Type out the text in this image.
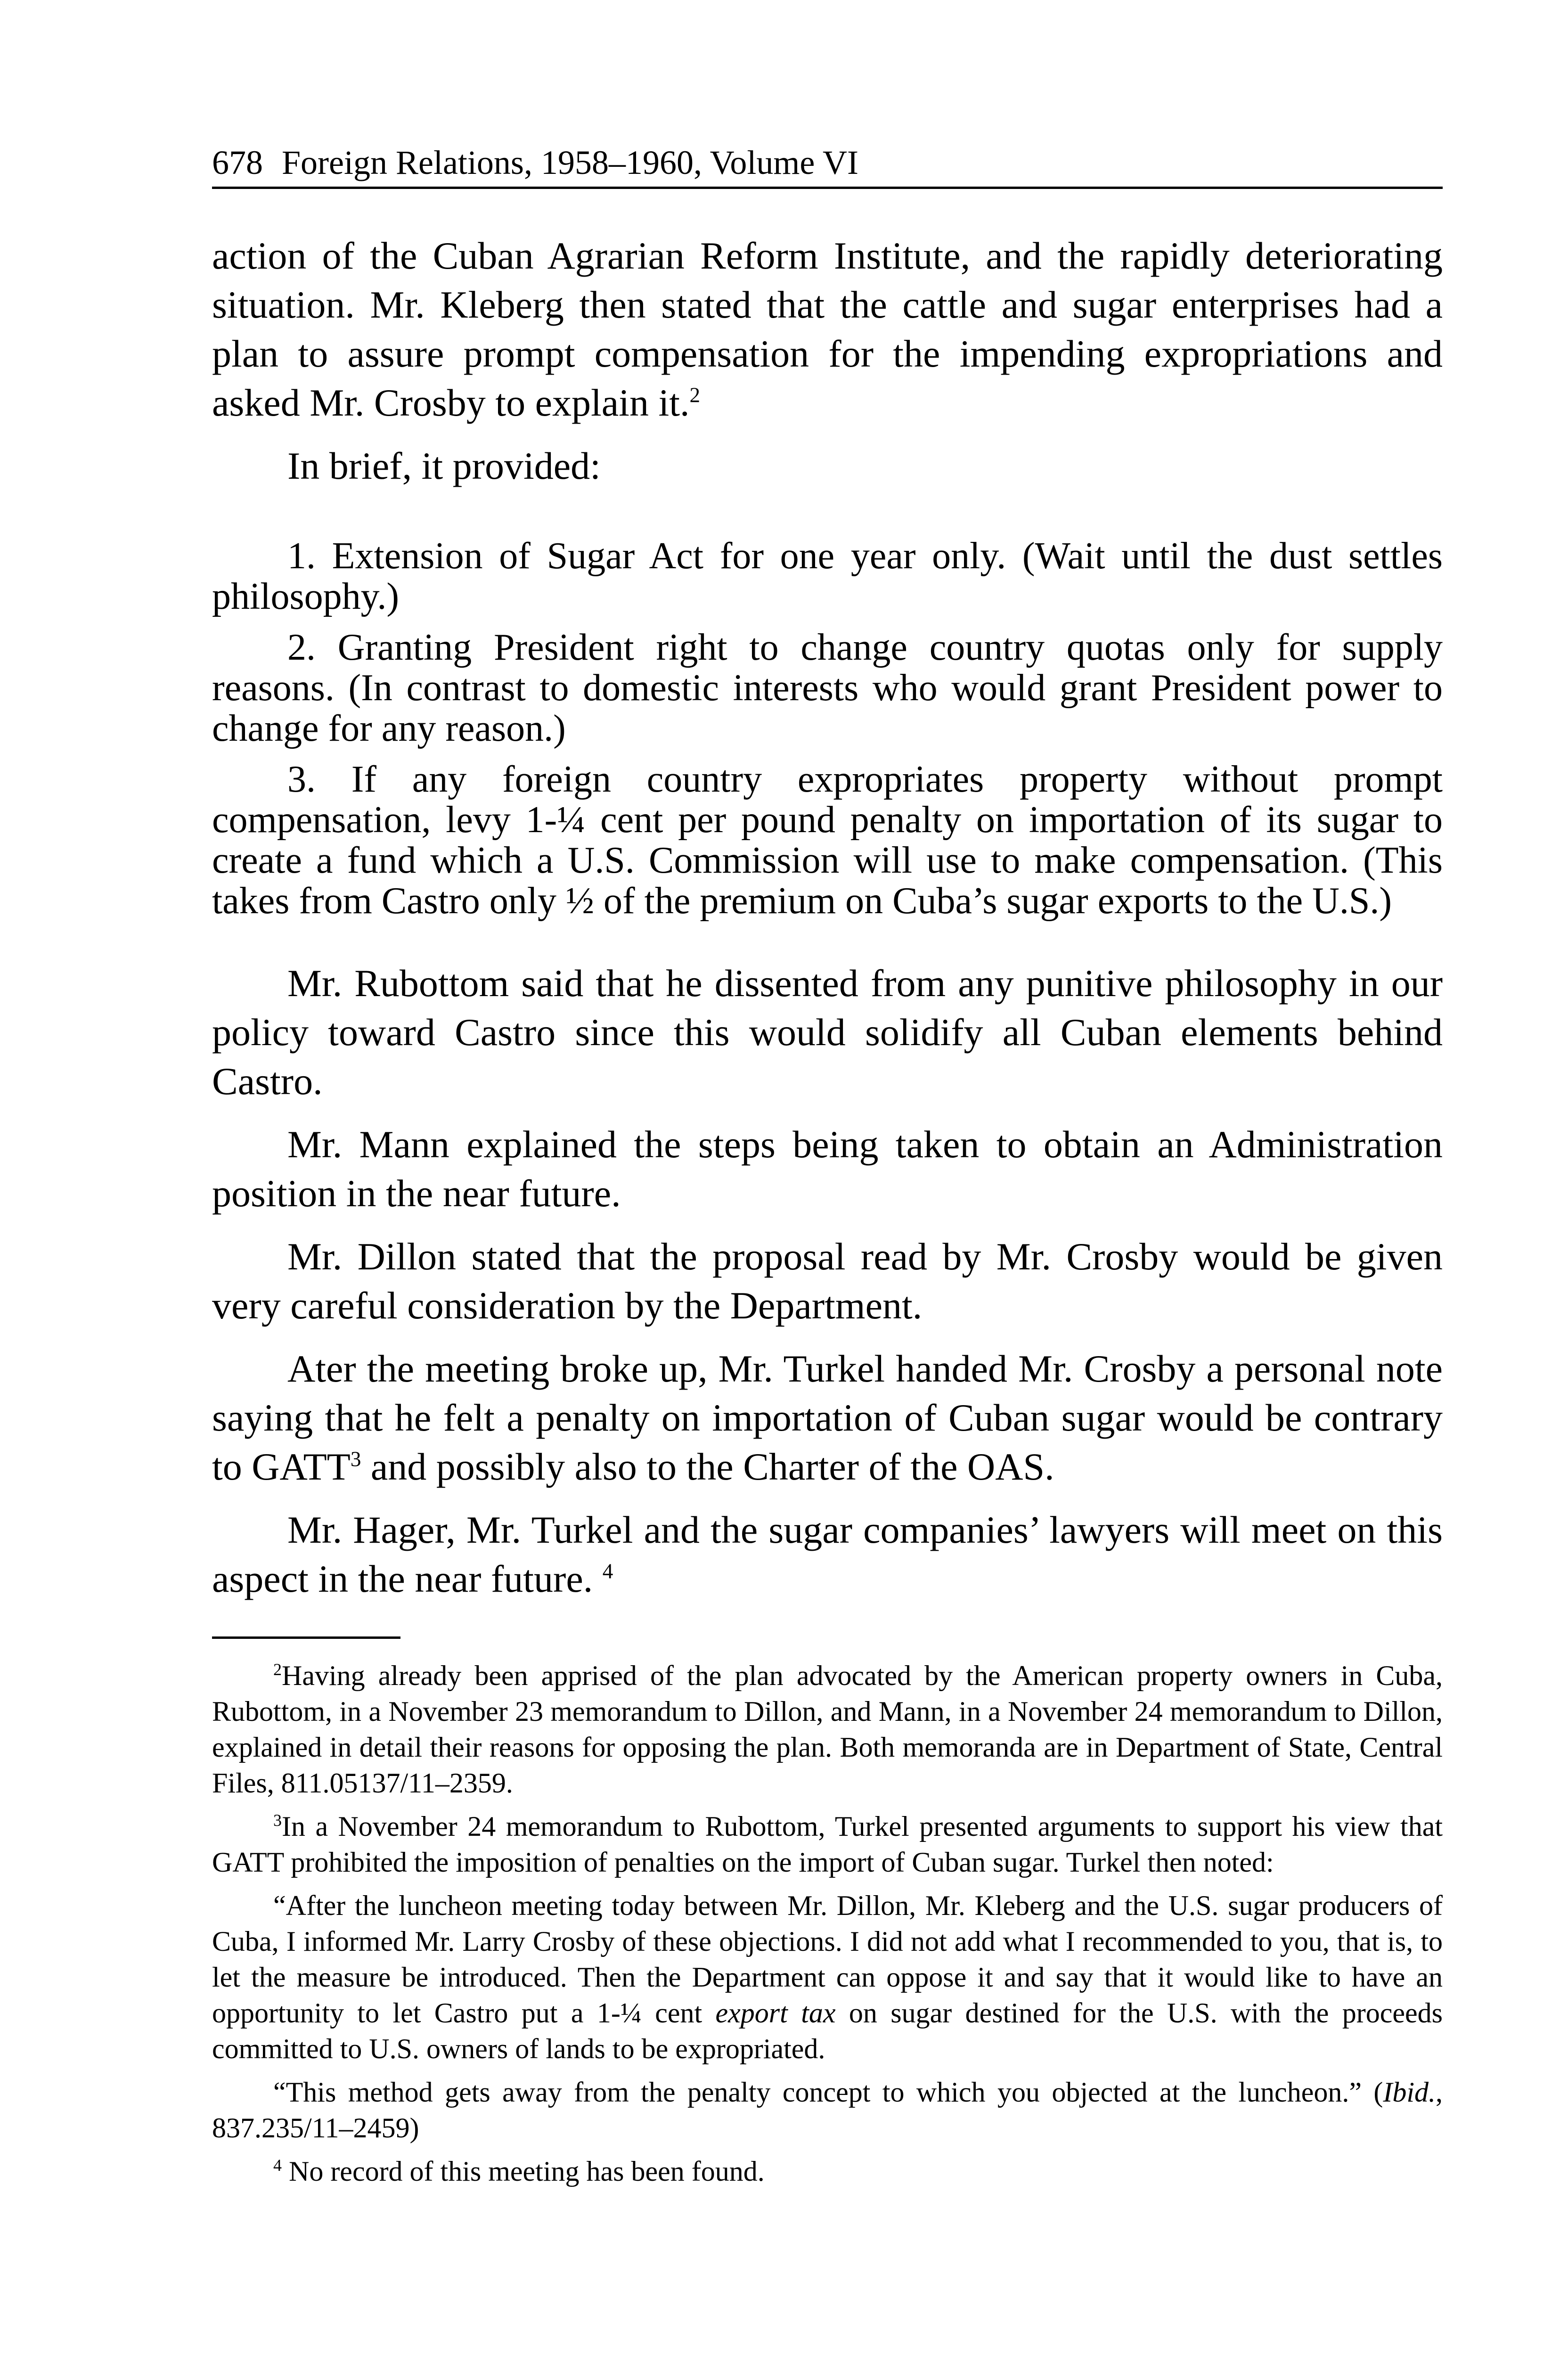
678 Foreign Relations, 1958–1960, Volume VI

action of the Cuban Agrarian Reform Institute, and the rapidly deteriorating situation. Mr. Kleberg then stated that the cattle and sugar enterprises had a plan to assure prompt compensation for the impending expropriations and asked Mr. Crosby to explain it.$^2$

In brief, it provided:

1. Extension of Sugar Act for one year only. (Wait until the dust settles philosophy.)

2. Granting President right to change country quotas only for supply reasons. (In contrast to domestic interests who would grant President power to change for any reason.)

3. If any foreign country expropriates property without prompt compensation, levy 1-¼ cent per pound penalty on importation of its sugar to create a fund which a U.S. Commission will use to make compensation. (This takes from Castro only ½ of the premium on Cuba’s sugar exports to the U.S.)

Mr. Rubottom said that he dissented from any punitive philosophy in our policy toward Castro since this would solidify all Cuban elements behind Castro.

Mr. Mann explained the steps being taken to obtain an Administration position in the near future.

Mr. Dillon stated that the proposal read by Mr. Crosby would be given very careful consideration by the Department.

Ater the meeting broke up, Mr. Turkel handed Mr. Crosby a personal note saying that he felt a penalty on importation of Cuban sugar would be contrary to GATT$^3$ and possibly also to the Charter of the OAS.

Mr. Hager, Mr. Turkel and the sugar companies’ lawyers will meet on this aspect in the near future. $^4$

$^2$Having already been apprised of the plan advocated by the American property owners in Cuba, Rubottom, in a November 23 memorandum to Dillon, and Mann, in a November 24 memorandum to Dillon, explained in detail their reasons for opposing the plan. Both memoranda are in Department of State, Central Files, 811.05137/11–2359.

$^3$In a November 24 memorandum to Rubottom, Turkel presented arguments to support his view that GATT prohibited the imposition of penalties on the import of Cuban sugar. Turkel then noted:

“After the luncheon meeting today between Mr. Dillon, Mr. Kleberg and the U.S. sugar producers of Cuba, I informed Mr. Larry Crosby of these objections. I did not add what I recommended to you, that is, to let the measure be introduced. Then the Department can oppose it and say that it would like to have an opportunity to let Castro put a 1-¼ cent export tax on sugar destined for the U.S. with the proceeds committed to U.S. owners of lands to be expropriated.

“This method gets away from the penalty concept to which you objected at the luncheon.” (Ibid., 837.235/11–2459)

$^4$ No record of this meeting has been found.
